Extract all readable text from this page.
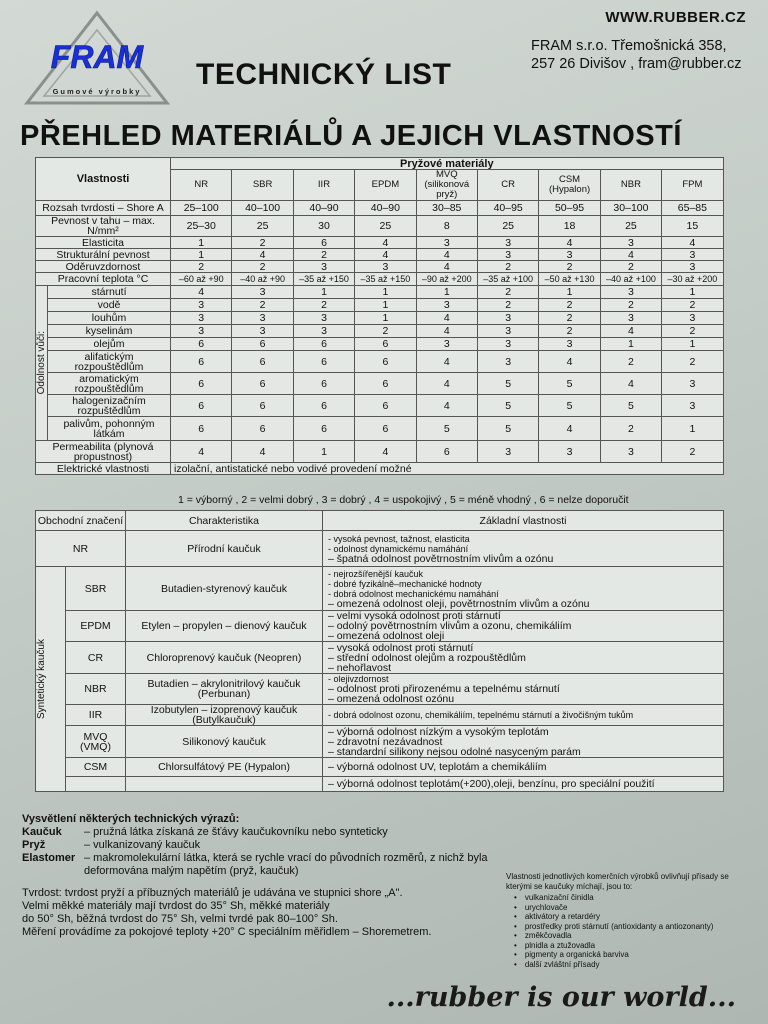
WWW.RUBBER.CZ
FRAM s.r.o. Třemošnická 358,
257 26 Divišov , fram@rubber.cz
FRAM
Gumové výrobky
TECHNICKÝ LIST
PŘEHLED MATERIÁLŮ A JEJICH VLASTNOSTÍ
Vlastnosti		Pryžové materiály								
		NR	SBR	IIR	EPDM	MVQ (silikonová pryž)	CR	CSM (Hypalon)	NBR	FPM
Rozsah tvrdosti – Shore A		25–100	40–100	40–90	40–90	30–85	40–95	50–95	30–100	65–85
Pevnost v tahu – max. N/mm²		25–30	25	30	25	8	25	18	25	15
Elasticita		1	2	6	4	3	3	4	3	4
Strukturální pevnost		1	4	2	4	4	3	3	4	3
Oděruvzdornost		2	2	3	3	4	2	2	2	3
Pracovní teplota °C		–60 až +90	–40 až +90	–35 až +150	–35 až +150	–90 až +200	–35 až +100	–50 až +130	–40 až +100	–30 až +200

Odolnost vůči:	stárnutí	4	3	1	1	1	2	1	3	1
	vodě	3	2	2	1	3	2	2	2	2
	louhům	3	3	3	1	4	3	2	3	3
	kyselinám	3	3	3	2	4	3	2	4	2
	olejům	6	6	6	6	3	3	3	1	1
	alifatickým rozpouštědlům	6	6	6	6	4	3	4	2	2
	aromatickým rozpouštědlům	6	6	6	6	4	5	5	4	3
	halogenizačním rozpuštědlům	6	6	6	6	4	5	5	5	3
	palivům, pohonným látkám	6	6	6	6	5	5	4	2	1
Permeabilita (plynová propustnost)		4	4	1	4	6	3	3	3	2
Elektrické vlastnosti		izolační, antistatické nebo vodivé provedení možné								
1 = výborný , 2 = velmi dobrý , 3 = dobrý , 4 = uspokojivý , 5 = méně vhodný , 6 = nelze doporučit
Obchodní značení		Charakteristika	Základní vlastnosti
NR		Přírodní kaučuk	- vysoká pevnost, tažnost, elasticita
- odolnost dynamickému namáhání
– špatná odolnost povětrnostním vlivům a ozónu

Syntetický kaučuk	SBR	Butadien-styrenový kaučuk	- nejrozšířenější kaučuk
- dobré fyzikálně–mechanické hodnoty
- dobrá odolnost mechanickému namáhání
– omezená odolnost oleji, povětrnostním vlivům a ozónu

	EPDM	Etylen – propylen – dienový kaučuk	– velmi vysoká odolnost proti stárnutí
– odolný povětrnostním vlivům a ozonu, chemikáliím
– omezená odolnost oleji

	CR	Chloroprenový kaučuk (Neopren)	– vysoká odolnost proti stárnutí
– střední odolnost olejům a rozpouštědlům
– nehořlavost

	NBR	Butadien – akrylonitrilový kaučuk (Perbunan)	- olejivzdornost
– odolnost proti přirozenému a tepelnému stárnutí
– omezená odolnost ozónu

	IIR	Izobutylen – izoprenový kaučuk (Butylkaučuk)	- dobrá odolnost ozonu, chemikáliím, tepelnému stárnutí a živočišným tukům

	MVQ (VMQ)	Silikonový kaučuk	– výborná odolnost nízkým a vysokým teplotám
– zdravotní nezávadnost
– standardní silikony nejsou odolné nasyceným parám

	CSM	Chlorsulfátový PE (Hypalon)	– výborná odolnost UV, teplotám a chemikáliím

			– výborná odolnost teplotám(+200),oleji, benzínu, pro speciální použití
Vysvětlení některých technických výrazů:
Kaučuk	– pružná látka získaná ze šťávy kaučukovníku nebo synteticky
Pryž	– vulkanizovaný kaučuk
Elastomer – makromolekulární látka, která se rychle vrací do původních rozměrů, z nichž byla
deformována malým napětím (pryž, kaučuk)
Tvrdost: tvrdost pryží a příbuzných materiálů je udávána ve stupnici shore „A".
Velmi měkké materiály mají tvrdost do 35° Sh, měkké materiály
do 50° Sh, běžná tvrdost do 75° Sh, velmi tvrdé pak 80–100° Sh.
Měření provádíme za pokojové teploty +20° C speciálním měřidlem – Shoremetrem.
Vlastnosti jednotlivých komerčních výrobků ovlivňují přísady se kterými se kaučuky míchají, jsou to:
• vulkanizační činidla
• urychlovače
• aktivátory a retardéry
• prostředky proti stárnutí (antioxidanty a antiozonanty)
• změkčovadla
• plnidla a ztužovadla
• pigmenty a organická barviva
• další zvláštní přísady
...rubber is our world...
